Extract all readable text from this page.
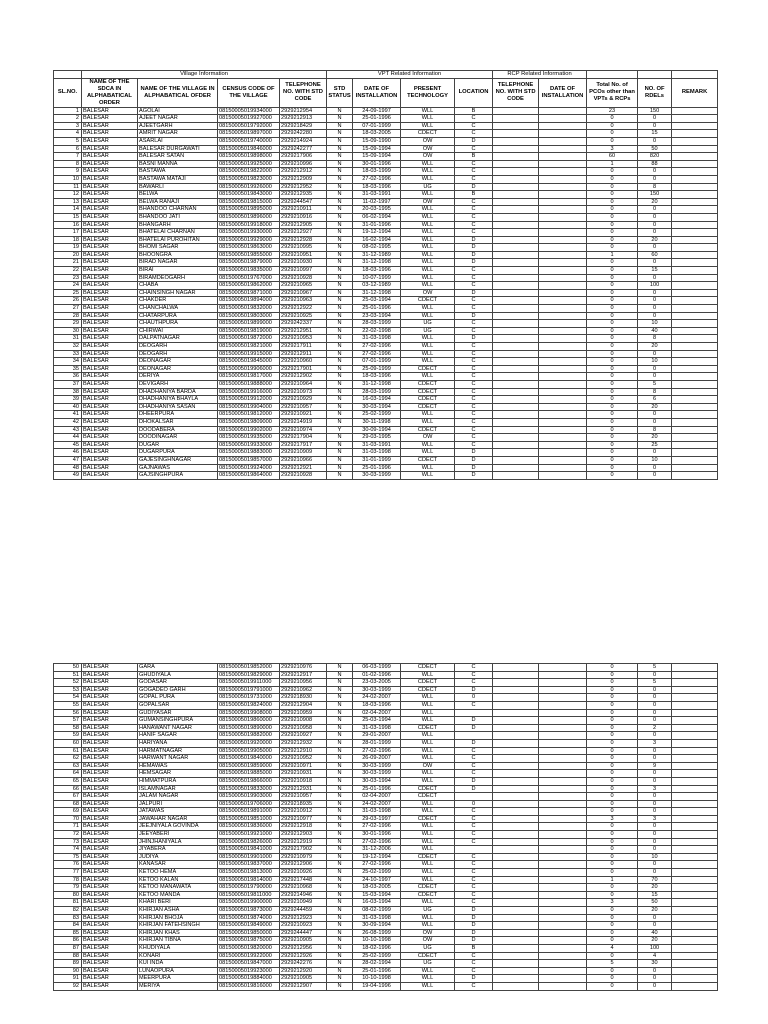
	Village Information				VPT Related Information				RCP Related Information				
SL.NO.	NAME OF THE SDCA IN ALPHABATICAL ORDER	NAME OF THE VILLAGE IN ALPHABATICAL OFDER	CENSUS CODE OF THE VILLAGE	TELEPHONE NO. WITH STD CODE	STD STATUS	DATE OF INSTALLATION	PRESENT TECHNOLOGY	LOCATION	TELEPHONE NO. WITH STD CODE	DATE OF INSTALLATION	Total No. of PCOs other than VPTs & RCPs	NO. OF RDELs	REMARK
1	BALESAR	AGOLAI	08150005019934000	2929212954	N	24-09-1997	WLL	B			23	150	
2	BALESAR	AJEET NAGAR	08150005019927000	2929212913	N	25-01-1996	WLL	C			0	0	
3	BALESAR	AJEETGARH	08150005019792000	2929218429	N	07-01-1999	WLL	C			0	0	
4	BALESAR	AMRIT NAGAR	08150005019897000	2929242280	N	18-03-2005	CDECT	C			0	15	
5	BALESAR	ASARLAI	08150005019740000	2929214924	N	15-09-1990	OW	D			0	0	
6	BALESAR	BALESAR DURGAWATI	08150005019846000	2929242277	N	15-09-1994	OW	C			3	50	
7	BALESAR	BALESAR SATAN	08150005019898000	2929217906	N	15-09-1994	OW	B			60	820	
8	BALESAR	BASNI MANNA	08150005019925000	2929210996	N	30-01-1996	WLL	C			1	88	
9	BALESAR	BASTAWA	08150005019822000	2929212912	N	18-03-1999	WLL	C			0	0	
10	BALESAR	BASTAWA MATAJI	08150005019823000	2929212909	N	27-02-1996	WLL	C			0	0	
11	BALESAR	BAWARLI	08150005019926000	2929212952	N	18-03-1996	UG	D			0	8	
12	BALESAR	BELWA	08150005019843000	2929212935	N	31-03-1991	WLL	B			0	150	
13	BALESAR	BELWA RANAJI	08150005019815000	2929244547	N	11-02-1997	OW	C			0	20	
14	BALESAR	BHANDOO CHARNAN	08150005019895000	2929210911	N	20-03-1995	WLL	C			0	0	
15	BALESAR	BHANDOO JATI	08150005019896000	2929210916	N	06-02-1994	WLL	C			0	0	
16	BALESAR	BHANGARH	08150005019918000	2929212905	N	31-01-1996	WLL	C			0	0	
17	BALESAR	BHATELAI CHARNAN	08150005019930000	2929212927	N	19-12-1994	WLL	C			0	0	
18	BALESAR	BHATELAI PUROHITAN	08150005019929000	2929212928	N	16-02-1994	WLL	D			0	20	
19	BALESAR	BHOMI SAGAR	08150005019863000	2929210995	N	08-02-1995	WLL	D			0	0	
20	BALESAR	BHOONGRA	08150005019855000	2929210951	N	31-12-1989	WLL	D			1	60	
21	BALESAR	BIRAD NAGAR	08150005019879000	2929210930	N	31-12-1998	WLL	D			0	0	
22	BALESAR	BIRAI	08150005019835000	2929210997	N	18-03-1996	WLL	C			0	15	
23	BALESAR	BIRAMDEOGARH	08150005019767000	2929210928	N	10-07-1999	WLL	C			0	0	
24	BALESAR	CHABA	08150005019862000	2929210965	N	03-12-1989	WLL	C			0	100	
25	BALESAR	CHAINSINGH NAGAR	08150005019871000	2929210967	N	31-12-1998	OW	D			0	0	
26	BALESAR	CHAKDER	08150005019894000	2929210963	N	25-03-1994	CDECT	C			0	0	
27	BALESAR	CHANCHALWA	08150005019832000	2929212922	N	25-01-1996	WLL	C			0	0	
28	BALESAR	CHATARPURA	08150005019803000	2929210925	N	23-03-1994	WLL	D			0	0	
29	BALESAR	CHAUTHPURA	08150005019899000	2929242337	N	28-03-1999	UG	C			0	10	
30	BALESAR	CHIRWAI	08150005019819000	2929212951	N	22-02-1998	UG	C			0	40	
31	BALESAR	DALPATNAGAR	08150005019872000	2929210953	N	31-03-1998	WLL	D			0	8	
32	BALESAR	DEOGARH	08150005019821000	2929217911	N	27-02-1996	WLL	C			0	20	
33	BALESAR	DEOGARH	08150005019915000	2929212911	N	27-02-1996	WLL	C			0	0	
34	BALESAR	DEONAGAR	08150005019845000	2929210960	N	07-01-1999	WLL	C			0	10	
35	BALESAR	DEONAGAR	08150005019906000	2929217901	N	25-09-1999	CDECT	C			0	0	
36	BALESAR	DERIYA	08150005019817000	2929212902	N	18-03-1996	WLL	C			0	0	
37	BALESAR	DEVIGARH	08150005019888000	2929210964	N	31-12-1998	CDECT	C			0	5	
38	BALESAR	DHADHANIYA BARDA	08150005019916000	2929210973	N	28-03-1999	CDECT	C			0	8	
39	BALESAR	DHADHANIYA BHAYLA	08150005019912000	2929210929	N	16-03-1994	CDECT	C			0	6	
40	BALESAR	DHADHANIYA SASAN	08150005019904000	2929210957	N	30-03-1994	CDECT	C			0	20	
41	BALESAR	DHEERPURA	08150005019812000	2929210921	N	25-02-1999	WLL	C			0	0	
42	BALESAR	DHOKALSAR	08150005019809000	2929214919	N	30-11-1998	WLL	C			0	0	
43	BALESAR	DOODABERA	08150005019902000	2929210974	Y	30-09-1994	CDECT	C			0	8	
44	BALESAR	DOODINAGAR	08150005019935000	2929217904	N	29-03-1995	OW	C			0	20	
45	BALESAR	DUGAR	08150005019933000	2929217917	N	31-03-1991	WLL	C			0	25	
46	BALESAR	DUGARPURA	08150005019883000	2929210909	N	31-03-1998	WLL	D			0	0	
47	BALESAR	GAJESINGHNAGAR	08150005019857000	2929210966	N	31-01-1999	CDECT	D			0	10	
48	BALESAR	GAJNAWAS	08150005019924000	2929212921	N	25-01-1996	WLL	D			0	0	
49	BALESAR	GAJSINGHPURA	08150005019864000	2929210928	N	30-03-1999	WLL	D			0	0	
50	BALESAR	GARA	08150005019852000	2929210976	N	06-03-1999	CDECT	C			0	5	
51	BALESAR	GHUDIYALA	08150005019829000	2929212917	N	01-02-1996	WLL	C			0	0	
52	BALESAR	GODASAR	08150005019911000	2929210956	N	23-03-2005	CDECT	C			0	5	
53	BALESAR	GOGADEO GARH	08150005019791000	2929210962	N	30-03-1999	CDECT	D			0	0	
54	BALESAR	GOPAL PURA	08150005019731000	2929218930	N	24-02-2007	WLL	0			0	0	
55	BALESAR	GOPALSAR	08150005019824000	2929212904	N	18-03-1996	WLL	C			0	0	
56	BALESAR	GUDIYASAR	08150005019908000	2929210959	N	02-04-2007	WLL				0	0	
57	BALESAR	GUMANSINGHPURA	08150005019860000	2929210908	N	25-03-1994	WLL	D			0	0	
58	BALESAR	HANAWANT NAGAR	08150005019890000	2929210958	N	31-03-1998	CDECT	D			0	2	
59	BALESAR	HANIF SAGAR	08150005019882000	2929210927	N	29-01-2007	WLL				0	0	
60	BALESAR	HARIYANA	08150005019920000	2929212932	N	28-01-1999	WLL	D			0	3	
61	BALESAR	HARMATNAGAR	08150005019905000	2929212910	N	27-02-1996	WLL	C			0	0	
62	BALESAR	HARWANT NAGAR	08150005019840000	2929210952	N	26-09-2007	WLL	C			0	0	
63	BALESAR	HEMAWAS	08150005019859000	2929210971	N	30-03-1999	OW	C			0	9	
64	BALESAR	HEMSAGAR	08150005019885000	2929210931	N	30-03-1999	WLL	C			0	0	
65	BALESAR	HIMMATPURA	08150005019866000	2929210918	N	30-03-1994	WLL	D			0	0	
66	BALESAR	ISLAMNAGAR	08150005019833000	2929212931	N	25-01-1996	CDECT	D			0	3	
67	BALESAR	JALAM NAGAR	08150005019903000	2929210957	N	02-04-2007	CDECT				0	0	
68	BALESAR	JALPURI	08150005019706000	2929218935	N	24-02-2007	WLL	0			0	0	
69	BALESAR	JATAWAS	08150005019891000	2929210912	N	31-03-1998	WLL	C			0	0	
70	BALESAR	JAWAHAR NAGAR	08150005019851000	2929210977	N	29-03-1997	CDECT	C			3	3	
71	BALESAR	JEEJNIYALA GOVINDA	08150005019836000	2929212918	N	27-02-1996	WLL	C			0	0	
72	BALESAR	JEEYABERI	08150005019921000	2929212903	N	30-01-1996	WLL	C			0	0	
73	BALESAR	JHINJHANIYALA	08150005019826000	2929212919	N	27-02-1996	WLL	C			0	0	
74	BALESAR	JIYABERA	08150005019841000	2929217902	N	31-12-2006	WLL				0	0	
75	BALESAR	JUDIYA	08150005019901000	2929210979	N	19-12-1994	CDECT	C			0	10	
76	BALESAR	KANASAR	08150005019837000	2929212906	N	27-02-1996	WLL	C			0	0	
77	BALESAR	KETOO HEMA	08150005019813000	2929210926	N	25-02-1999	WLL	C			0	0	
78	BALESAR	KETOO KALAN	08150005019814000	2929217448	N	24-10-1997	WLL	C			1	70	
79	BALESAR	KETOO MANAWATA	08150005019790000	2929210968	N	18-03-2005	CDECT	C			0	20	
80	BALESAR	KETOO MANDA	08150005019811000	2929214946	N	15-03-1994	CDECT	C			0	15	
81	BALESAR	KHARI BERI	08150005019900000	2929210949	N	16-03-1994	WLL	C			3	50	
82	BALESAR	KHIRJAN ASHA	08150005019873000	2929244459	N	08-02-1999	UG	D			0	20	
83	BALESAR	KHIRJAN BHOJA	08150005019874000	2929212923	N	31-03-1998	WLL	D			0	0	
84	BALESAR	KHIRJAN FATEHSINGH	08150005019849000	2929210923	N	30-09-1994	WLL	D			0	0	
85	BALESAR	KHIRJAN KHAS	08150005019850000	2929244447	N	26-08-1999	OW	D			0	40	
86	BALESAR	KHIRJAN TIBNA	08150005019875000	2929210905	N	10-10-1998	OW	D			0	20	
87	BALESAR	KHUDIYALA	08150005019820000	2929212956	N	18-02-1996	UG	B			4	100	
88	BALESAR	KONARI	08150005019922000	2929212926	N	25-02-1999	CDECT	C			0	4	
89	BALESAR	KUI INDA	08150005019847000	2929242276	N	28-02-1994	UG	C			5	30	
90	BALESAR	LUNAOPURA	08150005019923000	2929212920	N	25-01-1996	WLL	C			0	0	
91	BALESAR	MEERPURA	08150005019884000	2929210905	N	10-10-1998	WLL	D			0	0	
92	BALESAR	MERIYA	08150005019816000	2929212907	N	19-04-1996	WLL	C			0	0	
